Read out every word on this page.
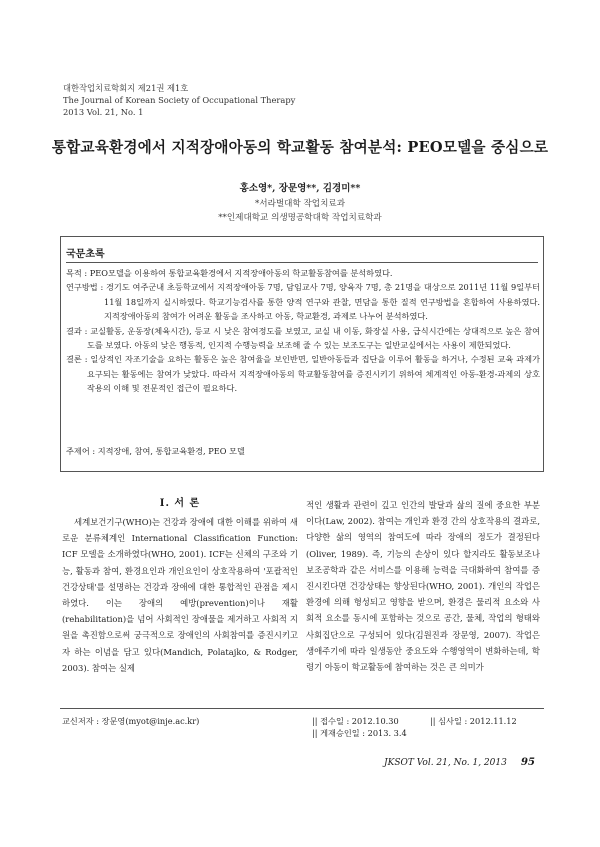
대한작업치료학회지 제21권 제1호
The Journal of Korean Society of Occupational Therapy
2013 Vol. 21, No. 1
통합교육환경에서 지적장애아동의 학교활동 참여분석: PEO모델을 중심으로
홍소영*, 장문영**, 김경미**
*서라벌대학 작업치료과
**인제대학교 의생명공학대학 작업치료학과
국문초록

목적 : PEO모델을 이용하여 통합교육환경에서 지적장애아동의 학교활동참여를 분석하였다.

연구방법 : 경기도 여주군내 초등학교에서 지적장애아동 7명, 담임교사 7명, 양육자 7명, 총 21명을 대상으로 2011년 11월 9일부터 11월 18일까지 실시하였다. 학교기능검사를 통한 양적 연구와 관찰, 면담을 통한 질적 연구방법을 혼합하여 사용하였다. 지적장애아동의 참여가 어려운 활동을 조사하고 아동, 학교환경, 과제로 나누어 분석하였다.

결과 : 교실활동, 운동장(체육시간), 등교 시 낮은 참여정도를 보였고, 교실 내 이동, 화장실 사용, 급식시간에는 상대적으로 높은 참여도를 보였다. 아동의 낮은 행동적, 인지적 수행능력을 보조해 줄 수 있는 보조도구는 일반교실에서는 사용이 제한되었다.

결론 : 일상적인 자조기술을 요하는 활동은 높은 참여율을 보인반면, 일반아동들과 집단을 이루어 활동을 하거나, 수정된 교육 과제가 요구되는 활동에는 참여가 낮았다. 따라서 지적장애아동의 학교활동참여를 증진시키기 위하여 체계적인 아동-환경-과제의 상호작용의 이해 및 전문적인 접근이 필요하다.

주제어 : 지적장애, 참여, 통합교육환경, PEO 모델
Ⅰ. 서 론
세계보건기구(WHO)는 건강과 장애에 대한 이해를 위하여 새로운 분류체계인 International Classification Function: ICF 모델을 소개하였다(WHO, 2001). ICF는 신체의 구조와 기능, 활동과 참여, 환경요인과 개인요인이 상호작용하여 '포괄적인 건강상태'를 설명하는 건강과 장애에 대한 통합적인 관점을 제시하였다. 이는 장애의 예방(prevention)이나 재활(rehabilitation)을 넘어 사회적인 장애물을 제거하고 사회적 지원을 촉진함으로써 궁극적으로 장애인의 사회참여를 증진시키고자 하는 이념을 담고 있다(Mandich, Polatajko, & Rodger, 2003). 참여는 실제
적인 생활과 관련이 깊고 인간의 발달과 삶의 질에 중요한 부분이다(Law, 2002). 참여는 개인과 환경 간의 상호작용의 결과로, 다양한 삶의 영역의 참여도에 따라 장애의 정도가 결정된다(Oliver, 1989). 즉, 기능의 손상이 있다 할지라도 활동보조나 보조공학과 같은 서비스를 이용해 능력을 극대화하여 참여를 증진시킨다면 건강상태는 향상된다(WHO, 2001). 개인의 작업은 환경에 의해 형성되고 영향을 받으며, 환경은 물리적 요소와 사회적 요소를 동시에 포함하는 것으로 공간, 물체, 작업의 형태와 사회집단으로 구성되어 있다(김원진과 장문영, 2007). 작업은 생애주기에 따라 일생동안 중요도와 수행영역이 변화하는데, 학령기 아동이 학교활동에 참여하는 것은 큰 의미가
교신저자 : 장문영(myot@inje.ac.kr)	|| 접수일 : 2012.10.30	|| 심사일 : 2012.11.12
|| 게재승인일 : 2013. 3.4
JKSOT Vol. 21, No. 1, 2013 95
